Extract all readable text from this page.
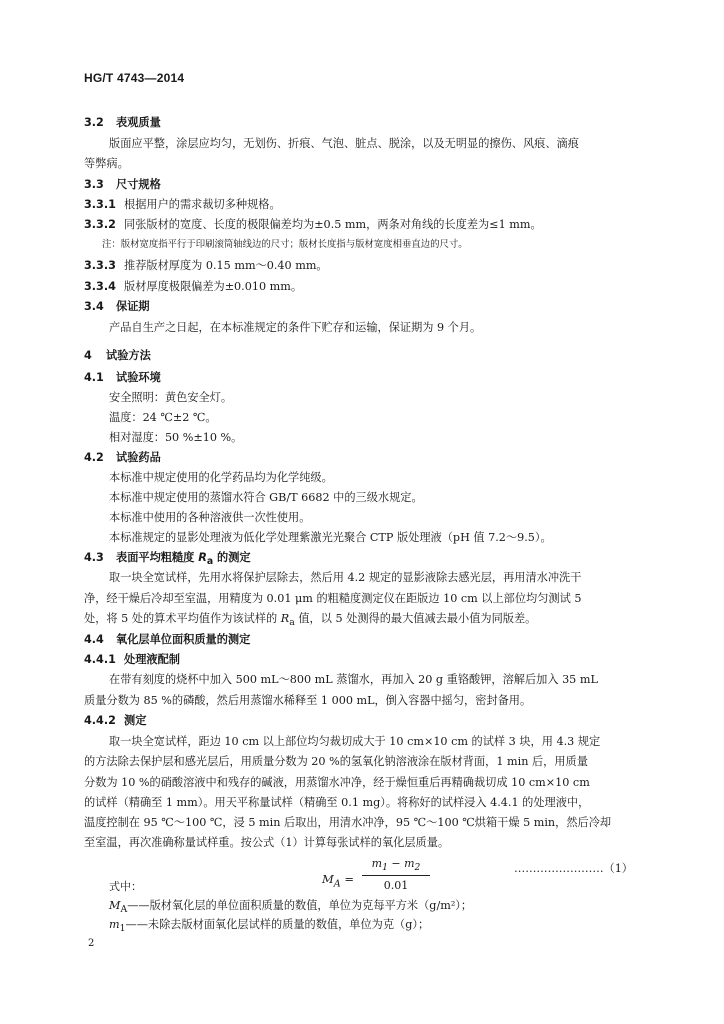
HG/T 4743—2014
3.2 表观质量
版面应平整，涂层应均匀，无划伤、折痕、气泡、脏点、脱涂，以及无明显的擦伤、风痕、滴痕
等弊病。
3.3 尺寸规格
3.3.1 根据用户的需求裁切多种规格。
3.3.2 同张版材的宽度、长度的极限偏差均为±0.5 mm，两条对角线的长度差为≤1 mm。
注：版材宽度指平行于印刷滚筒轴线边的尺寸；版材长度指与版材宽度相垂直边的尺寸。
3.3.3 推荐版材厚度为 0.15 mm～0.40 mm。
3.3.4 版材厚度极限偏差为±0.010 mm。
3.4 保证期
产品自生产之日起，在本标准规定的条件下贮存和运输，保证期为 9 个月。
4 试验方法
4.1 试验环境
安全照明：黄色安全灯。
温度：24 ℃±2 ℃。
相对湿度：50 %±10 %。
4.2 试验药品
本标准中规定使用的化学药品均为化学纯级。
本标准中规定使用的蒸馏水符合 GB/T 6682 中的三级水规定。
本标准中使用的各种溶液供一次性使用。
本标准规定的显影处理液为低化学处理紫激光光聚合 CTP 版处理液（pH 值 7.2～9.5）。
4.3 表面平均粗糙度 $R_a$ 的测定
取一块全宽试样，先用水将保护层除去，然后用 4.2 规定的显影液除去感光层，再用清水冲洗干
净，经干燥后冷却至室温，用精度为 0.01 μm 的粗糙度测定仪在距版边 10 cm 以上部位均匀测试 5
处，将 5 处的算术平均值作为该试样的 $R_a$ 值，以 5 处测得的最大值减去最小值为同版差。
4.4 氧化层单位面积质量的测定
4.4.1 处理液配制
在带有刻度的烧杯中加入 500 mL～800 mL 蒸馏水，再加入 20 g 重铬酸钾，溶解后加入 35 mL
质量分数为 85 %的磷酸，然后用蒸馏水稀释至 1 000 mL，倒入容器中摇匀，密封备用。
4.4.2 测定
取一块全宽试样，距边 10 cm 以上部位均匀裁切成大于 10 cm×10 cm 的试样 3 块，用 4.3 规定
的方法除去保护层和感光层后，用质量分数为 20 %的氢氧化钠溶液涂在版材背面，1 min 后，用质量
分数为 10 %的硝酸溶液中和残存的碱液，用蒸馏水冲净，经于燥恒重后再精确裁切成 10 cm×10 cm
的试样（精确至 1 mm）。用天平称量试样（精确至 0.1 mg）。将称好的试样浸入 4.4.1 的处理液中，
温度控制在 95 ℃～100 ℃，浸 5 min 后取出，用清水冲净，95 ℃～100 ℃烘箱干燥 5 min，然后冷却
至室温，再次准确称量试样重。按公式（1）计算每张试样的氧化层质量。
$M_A$ =
$m_1 - m_2$
0.01
……………………（1）
式中：
$M_A——$版材氧化层的单位面积质量的数值，单位为克每平方米（g/m²）；
$m_1——$未除去版材面氧化层试样的质量的数值，单位为克（g）；
2
